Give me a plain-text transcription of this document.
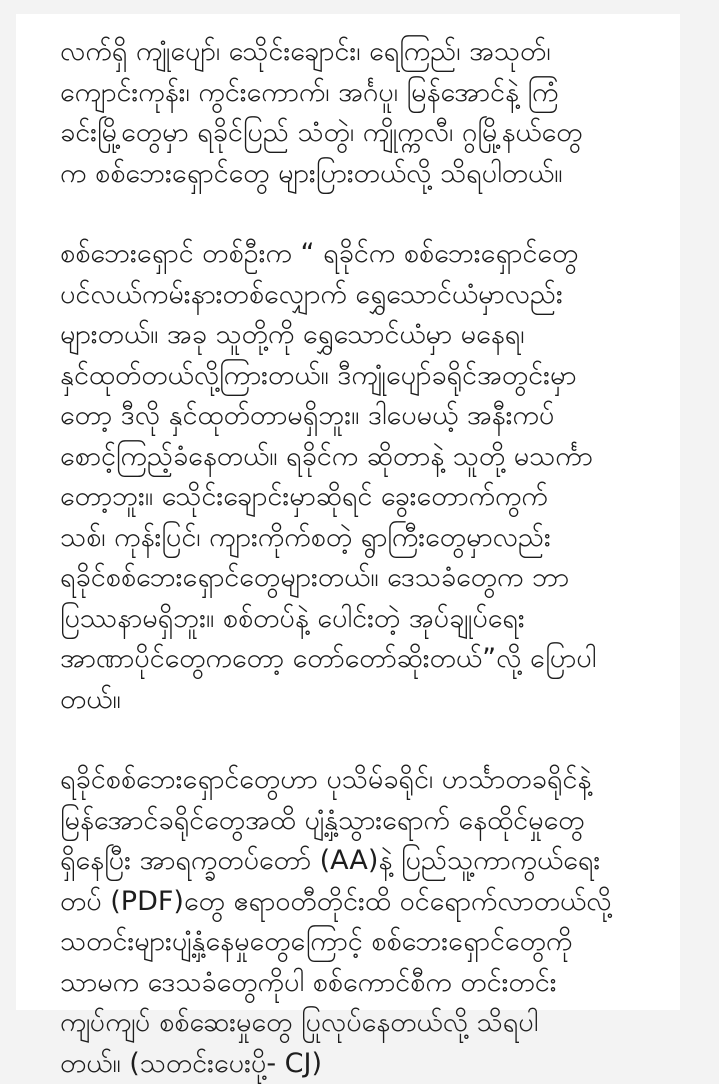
လက်ရှိ ကျုံပျော်၊ သေိုင်းချောင်း၊ ရေကြည်၊ အသုတ်၊
ကျောင်းကုန်း၊ ကွင်းကောက်၊ အင်္ဂပူ၊ မြန်အောင်နဲ့ ကြံ
ခင်းမြို့တွေမှာ ရခိုင်ပြည် သံတွဲ၊ ကျိုက္ကလီ၊ ဂွမြို့နယ်တွေ
က စစ်ဘေးရှောင်တွေ များပြားတယ်လို့ သိရပါတယ်။

စစ်ဘေးရှောင် တစ်ဦးက “ ရခိုင်က စစ်ဘေးရှောင်တွေ
ပင်လယ်ကမ်းနားတစ်လျှောက် ရွှေသောင်ယံမှာလည်း
များတယ်။ အခု သူတို့ကို ရွှေသောင်ယံမှာ မနေရ၊
နှင်ထုတ်တယ်လို့ကြားတယ်။ ဒီကျုံပျော်ခရိုင်အတွင်းမှာ
တော့ ဒီလို နှင်ထုတ်တာမရှိဘူး။ ဒါပေမယ့် အနီးကပ်
စောင့်ကြည့်ခံနေတယ်။ ရခိုင်က ဆိုတာနဲ့ သူတို့ မသင်္ကာ
တော့ဘူး။ သေိုင်းချောင်းမှာဆိုရင် ခွေးတောက်ကွက်
သစ်၊ ကုန်းပြင်၊ ကျားကိုက်စတဲ့ ရွာကြီးတွေမှာလည်း
ရခိုင်စစ်ဘေးရှောင်တွေများတယ်။ ဒေသခံတွေက ဘာ
ပြဿနာမရှိဘူး။ စစ်တပ်နဲ့ ပေါင်းတဲ့ အုပ်ချုပ်ရေး
အာဏာပိုင်တွေကတော့ တော်တော်ဆိုးတယ်”လို့ ပြောပါ
တယ်။

ရခိုင်စစ်ဘေးရှောင်တွေဟာ ပုသိမ်ခရိုင်၊ ဟင်္သာတခရိုင်နဲ့
မြန်အောင်ခရိုင်တွေအထိ ပျံ့နှံ့သွားရောက် နေထိုင်မှုတွေ
ရှိနေပြီး အာရက္ခတပ်တော် (AA)နဲ့ ပြည်သူ့ကာကွယ်ရေး
တပ် (PDF)တွေ ဧရာဝတီတိုင်းထိ ဝင်ရောက်လာတယ်လို့
သတင်းများပျံ့နှံ့နေမှုတွေကြောင့် စစ်ဘေးရှောင်တွေကို
သာမက ဒေသခံတွေကိုပါ စစ်ကောင်စီက တင်းတင်း
ကျပ်ကျပ် စစ်ဆေးမှုတွေ ပြုလုပ်နေတယ်လို့ သိရပါ
တယ်။ (သတင်းပေးပို့- CJ)
